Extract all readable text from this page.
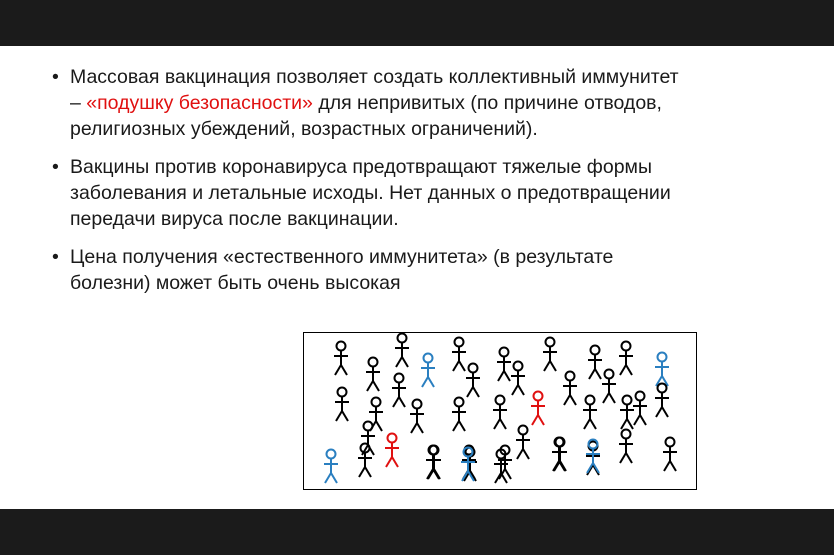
• Массовая вакцинация позволяет создать коллективный иммунитет
– «подушку безопасности» для непривитых (по причине отводов,
религиозных убеждений, возрастных ограничений).
• Вакцины против коронавируса предотвращают тяжелые формы
заболевания и летальные исходы. Нет данных о предотвращении
передачи вируса после вакцинации.
• Цена получения «естественного иммунитета» (в результате
болезни) может быть очень высокая
